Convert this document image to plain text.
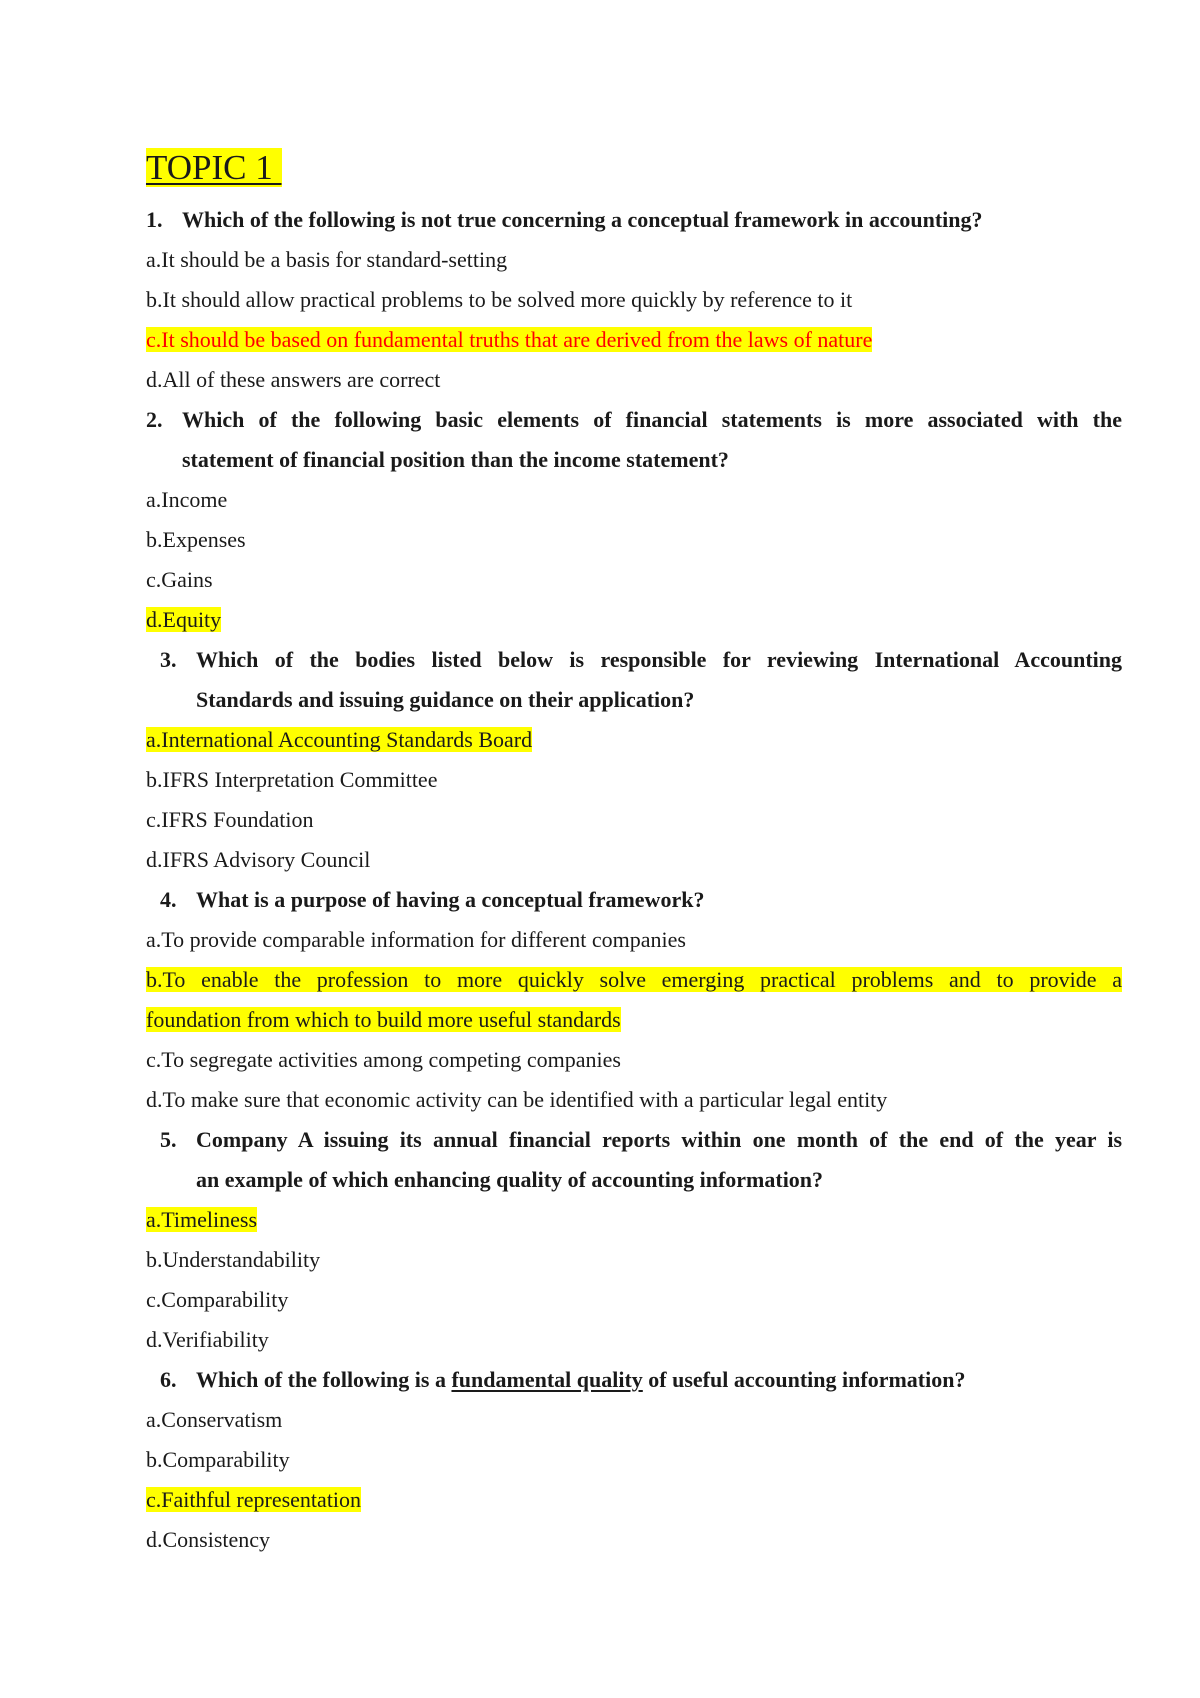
TOPIC 1
1. Which of the following is not true concerning a conceptual framework in accounting?
a.It should be a basis for standard-setting
b.It should allow practical problems to be solved more quickly by reference to it
c.It should be based on fundamental truths that are derived from the laws of nature
d.All of these answers are correct
2. Which of the following basic elements of financial statements is more associated with the
statement of financial position than the income statement?
a.Income
b.Expenses
c.Gains
d.Equity
3. Which of the bodies listed below is responsible for reviewing International Accounting
Standards and issuing guidance on their application?
a.International Accounting Standards Board
b.IFRS Interpretation Committee
c.IFRS Foundation
d.IFRS Advisory Council
4. What is a purpose of having a conceptual framework?
a.To provide comparable information for different companies
b.To enable the profession to more quickly solve emerging practical problems and to provide a
foundation from which to build more useful standards
c.To segregate activities among competing companies
d.To make sure that economic activity can be identified with a particular legal entity
5. Company A issuing its annual financial reports within one month of the end of the year is
an example of which enhancing quality of accounting information?
a.Timeliness
b.Understandability
c.Comparability
d.Verifiability
6. Which of the following is a fundamental quality of useful accounting information?
a.Conservatism
b.Comparability
c.Faithful representation
d.Consistency
